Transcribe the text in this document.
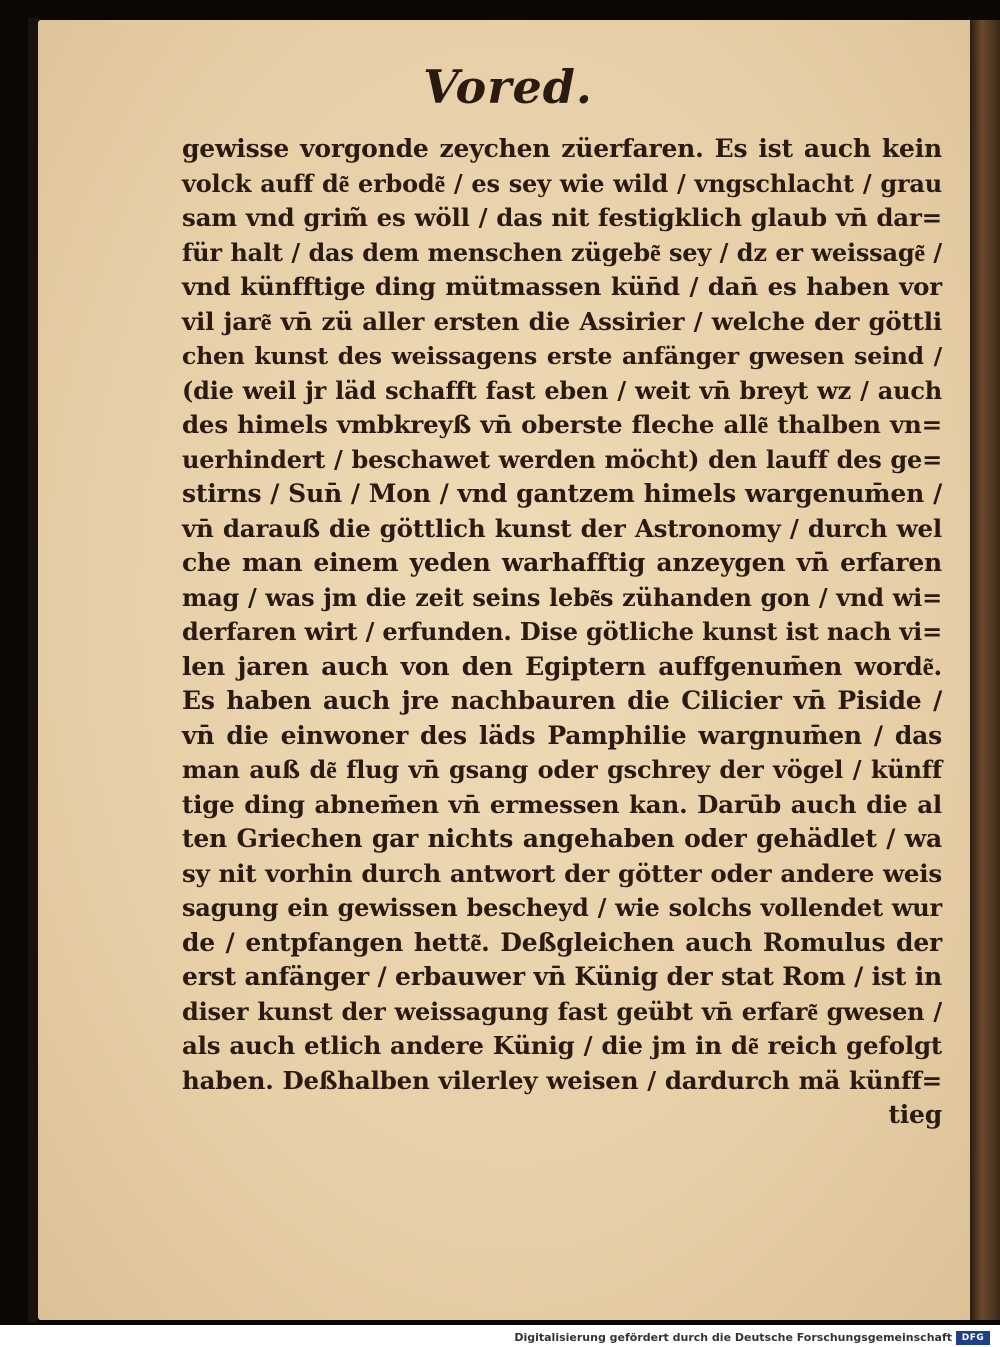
Vored.
gewisse vorgonde zeychen züerfaren. Es ist auch kein
volck auff de͂ erbode͂ / es sey wie wild / vngschlacht / grau
sam vnd grim̃ es wöll / das nit festigklich glaub vn̄ dar=
für halt / das dem menschen zügebe͂ sey / dz er weissage͂ /
vnd künfftige ding mütmassen kün̄d / dan̄ es haben vor
vil jare͂ vn̄ zü aller ersten die Assirier / welche der göttli
chen kunst des weissagens erste anfänger gwesen seind /
(die weil jr läd schafft fast eben / weit vn̄ breyt wz / auch
des himels vmbkreyß vn̄ oberste fleche alle͂ thalben vn=
uerhindert / beschawet werden möcht) den lauff des ge=
stirns / Sun̄ / Mon / vnd gantzem himels wargenum̄en /
vn̄ darauß die göttlich kunst der Astronomy / durch wel
che man einem yeden warhafftig anzeygen vn̄ erfaren
mag / was jm die zeit seins lebe͂s zühanden gon / vnd wi=
derfaren wirt / erfunden. Dise götliche kunst ist nach vi=
len jaren auch von den Egiptern auffgenum̄en worde͂.
Es haben auch jre nachbauren die Cilicier vn̄ Piside /
vn̄ die einwoner des läds Pamphilie wargnum̄en / das
man auß de͂ flug vn̄ gsang oder gschrey der vögel / künff
tige ding abnem̄en vn̄ ermessen kan. Darūb auch die al
ten Griechen gar nichts angehaben oder gehädlet / wa
sy nit vorhin durch antwort der götter oder andere weis
sagung ein gewissen bescheyd / wie solchs vollendet wur
de / entpfangen hette͂. Deßgleichen auch Romulus der
erst anfänger / erbauwer vn̄ Künig der stat Rom / ist in
diser kunst der weissagung fast geübt vn̄ erfare͂ gwesen /
als auch etlich andere Künig / die jm in de͂ reich gefolgt
haben. Deßhalben vilerley weisen / dardurch mä künff=
tieg
Digitalisierung gefördert durch die Deutsche Forschungsgemeinschaft	DFG
